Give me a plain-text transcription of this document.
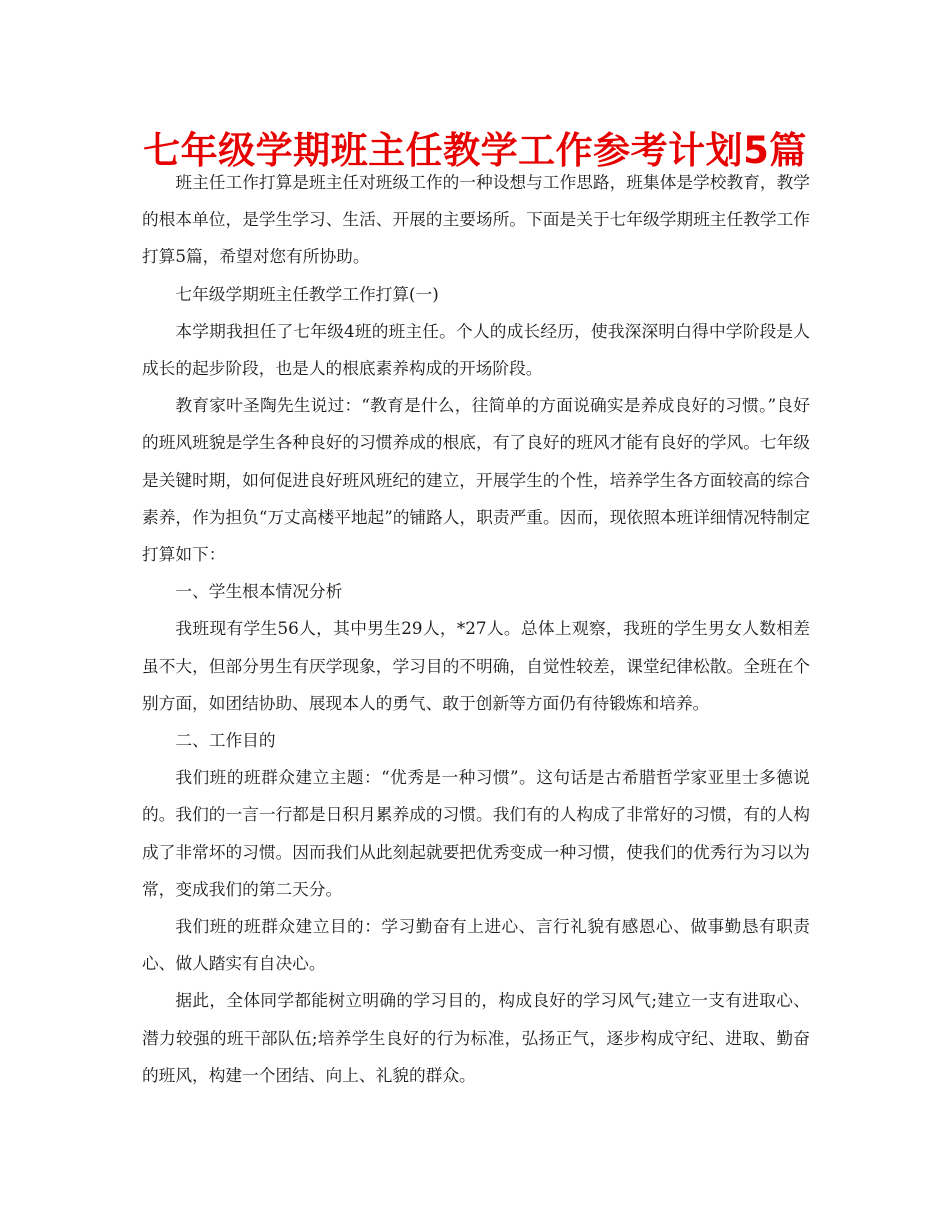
七年级学期班主任教学工作参考计划5篇

班主任工作打算是班主任对班级工作的一种设想与工作思路，班集体是学校教育，教学的根本单位，是学生学习、生活、开展的主要场所。下面是关于七年级学期班主任教学工作打算5篇，希望对您有所协助。

七年级学期班主任教学工作打算(一)

本学期我担任了七年级4班的班主任。个人的成长经历，使我深深明白得中学阶段是人成长的起步阶段，也是人的根底素养构成的开场阶段。

教育家叶圣陶先生说过：“教育是什么，往简单的方面说确实是养成良好的习惯。”良好的班风班貌是学生各种良好的习惯养成的根底，有了良好的班风才能有良好的学风。七年级是关键时期，如何促进良好班风班纪的建立，开展学生的个性，培养学生各方面较高的综合素养，作为担负“万丈高楼平地起”的铺路人，职责严重。因而，现依照本班详细情况特制定打算如下：

一、学生根本情况分析

我班现有学生56人，其中男生29人，*27人。总体上观察，我班的学生男女人数相差虽不大，但部分男生有厌学现象，学习目的不明确，自觉性较差，课堂纪律松散。全班在个别方面，如团结协助、展现本人的勇气、敢于创新等方面仍有待锻炼和培养。

二、工作目的

我们班的班群众建立主题：“优秀是一种习惯”。这句话是古希腊哲学家亚里士多德说的。我们的一言一行都是日积月累养成的习惯。我们有的人构成了非常好的习惯，有的人构成了非常坏的习惯。因而我们从此刻起就要把优秀变成一种习惯，使我们的优秀行为习以为常，变成我们的第二天分。

我们班的班群众建立目的：学习勤奋有上进心、言行礼貌有感恩心、做事勤恳有职责心、做人踏实有自决心。

据此，全体同学都能树立明确的学习目的，构成良好的学习风气;建立一支有进取心、潜力较强的班干部队伍;培养学生良好的行为标准，弘扬正气，逐步构成守纪、进取、勤奋的班风，构建一个团结、向上、礼貌的群众。
